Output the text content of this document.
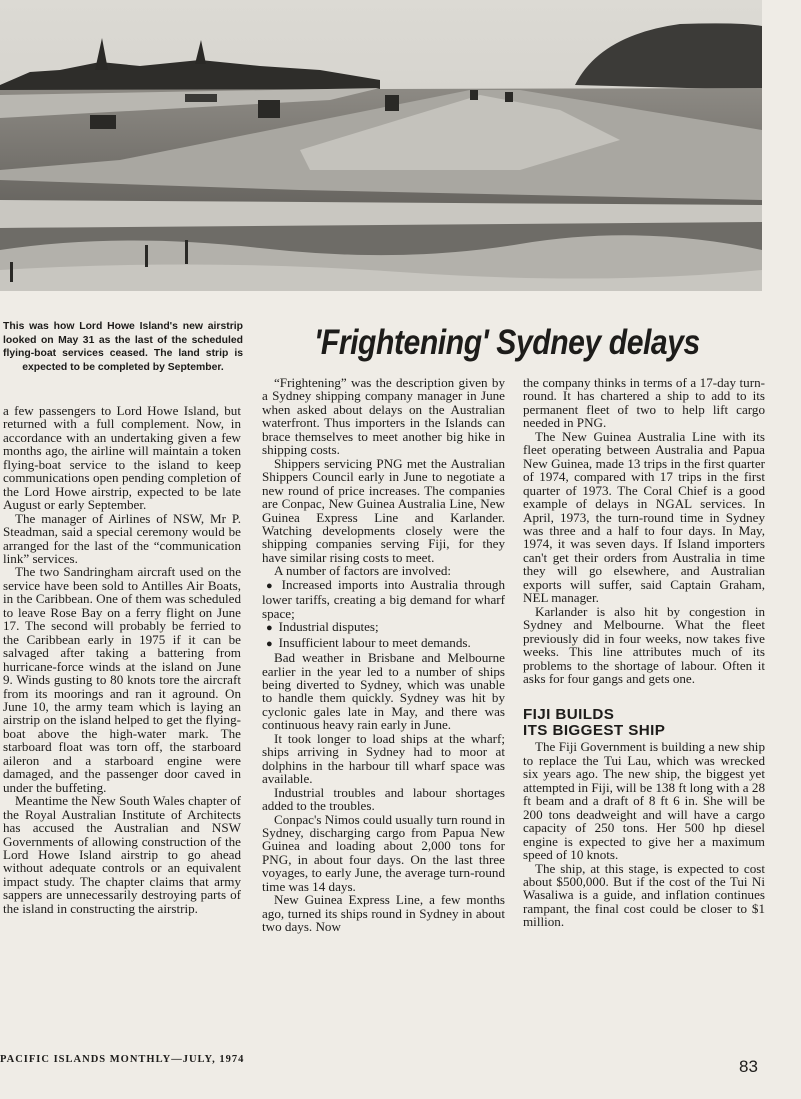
This was how Lord Howe Island's new airstrip looked on May 31 as the last of the scheduled flying-boat services ceased. The land strip is expected to be completed by September.
'Frightening' Sydney delays

a few passengers to Lord Howe Island, but returned with a full complement. Now, in accordance with an undertaking given a few months ago, the airline will maintain a token flying-boat service to the island to keep communications open pending completion of the Lord Howe airstrip, expected to be late August or early September.

The manager of Airlines of NSW, Mr P. Steadman, said a special ceremony would be arranged for the last of the “communication link” services.

The two Sandringham aircraft used on the service have been sold to Antilles Air Boats, in the Caribbean. One of them was scheduled to leave Rose Bay on a ferry flight on June 17. The second will probably be ferried to the Caribbean early in 1975 if it can be salvaged after taking a battering from hurricane-force winds at the island on June 9. Winds gusting to 80 knots tore the aircraft from its moorings and ran it aground. On June 10, the army team which is laying an airstrip on the island helped to get the flying-boat above the high-water mark. The starboard float was torn off, the starboard aileron and a starboard engine were damaged, and the passenger door caved in under the buffeting.

Meantime the New South Wales chapter of the Royal Australian Institute of Architects has accused the Australian and NSW Governments of allowing construction of the Lord Howe Island airstrip to go ahead without adequate controls or an equivalent impact study. The chapter claims that army sappers are unnecessarily destroying parts of the island in constructing the airstrip.

“Frightening” was the description given by a Sydney shipping company manager in June when asked about delays on the Australian waterfront. Thus importers in the Islands can brace themselves to meet another big hike in shipping costs.

Shippers servicing PNG met the Australian Shippers Council early in June to negotiate a new round of price increases. The companies are Conpac, New Guinea Australia Line, New Guinea Express Line and Karlander. Watching developments closely were the shipping companies serving Fiji, for they have similar rising costs to meet.

A number of factors are involved:

● Increased imports into Australia through lower tariffs, creating a big demand for wharf space;

● Industrial disputes;

● Insufficient labour to meet demands.

Bad weather in Brisbane and Melbourne earlier in the year led to a number of ships being diverted to Sydney, which was unable to handle them quickly. Sydney was hit by cyclonic gales late in May, and there was continuous heavy rain early in June.

It took longer to load ships at the wharf; ships arriving in Sydney had to moor at dolphins in the harbour till wharf space was available.

Industrial troubles and labour shortages added to the troubles.

Conpac's Nimos could usually turn round in Sydney, discharging cargo from Papua New Guinea and loading about 2,000 tons for PNG, in about four days. On the last three voyages, to early June, the average turn-round time was 14 days.

New Guinea Express Line, a few months ago, turned its ships round in Sydney in about two days. Now

the company thinks in terms of a 17-day turn-round. It has chartered a ship to add to its permanent fleet of two to help lift cargo needed in PNG.

The New Guinea Australia Line with its fleet operating between Australia and Papua New Guinea, made 13 trips in the first quarter of 1974, compared with 17 trips in the first quarter of 1973. The Coral Chief is a good example of delays in NGAL services. In April, 1973, the turn-round time in Sydney was three and a half to four days. In May, 1974, it was seven days. If Island importers can't get their orders from Australia in time they will go elsewhere, and Australian exports will suffer, said Captain Graham, NEL manager.

Karlander is also hit by congestion in Sydney and Melbourne. What the fleet previously did in four weeks, now takes five weeks. This line attributes much of its problems to the shortage of labour. Often it asks for four gangs and gets one.

FIJI BUILDS
ITS BIGGEST SHIP

The Fiji Government is building a new ship to replace the Tui Lau, which was wrecked six years ago. The new ship, the biggest yet attempted in Fiji, will be 138 ft long with a 28 ft beam and a draft of 8 ft 6 in. She will be 200 tons deadweight and will have a cargo capacity of 250 tons. Her 500 hp diesel engine is expected to give her a maximum speed of 10 knots.

The ship, at this stage, is expected to cost about $500,000. But if the cost of the Tui Ni Wasaliwa is a guide, and inflation continues rampant, the final cost could be closer to $1 million.

PACIFIC ISLANDS MONTHLY—JULY, 1974	83
